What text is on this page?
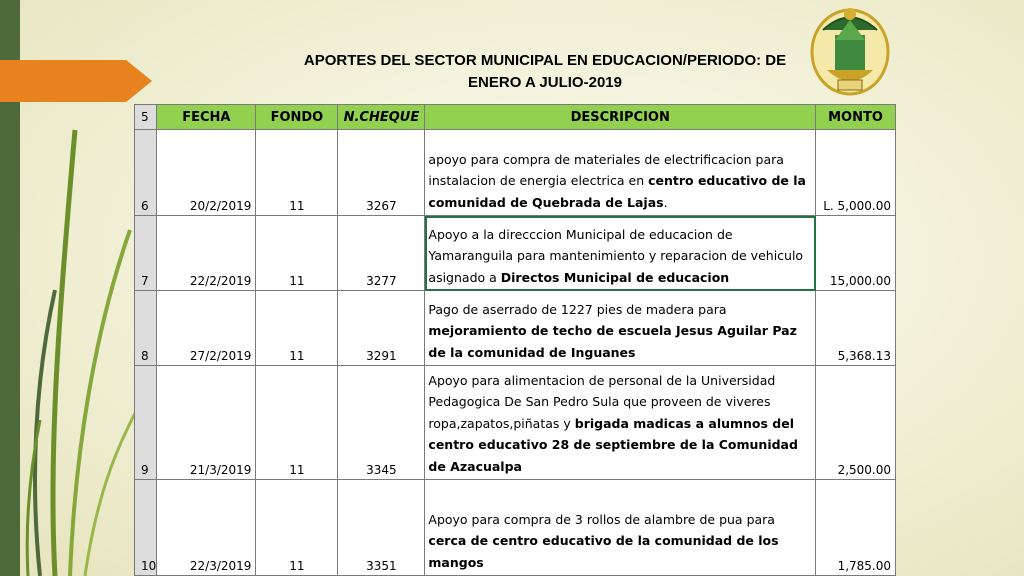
APORTES DEL SECTOR MUNICIPAL EN EDUCACION/PERIODO: DE
ENERO A JULIO-2019
5	FECHA	FONDO	N.CHEQUE	DESCRIPCION	MONTO
6	20/2/2019	11	3267	apoyo para compra de materiales de electrificacion para instalacion de energia electrica en centro educativo de la comunidad de Quebrada de Lajas.	L. 5,000.00
7	22/2/2019	11	3277	Apoyo a la direcccion Municipal de educacion de Yamaranguila para mantenimiento y reparacion de vehiculo asignado a Directos Municipal de educacion	15,000.00
8	27/2/2019	11	3291	Pago de aserrado de 1227 pies de madera para mejoramiento de techo de escuela Jesus Aguilar Paz de la comunidad de Inguanes	5,368.13
9	21/3/2019	11	3345	Apoyo para alimentacion de personal de la Universidad Pedagogica De San Pedro Sula que proveen de viveres ropa,zapatos,piñatas y brigada madicas a alumnos del centro educativo 28 de septiembre de la Comunidad de Azacualpa	2,500.00
10	22/3/2019	11	3351	Apoyo para compra de 3 rollos de alambre de pua para cerca de centro educativo de la comunidad de los mangos	1,785.00
